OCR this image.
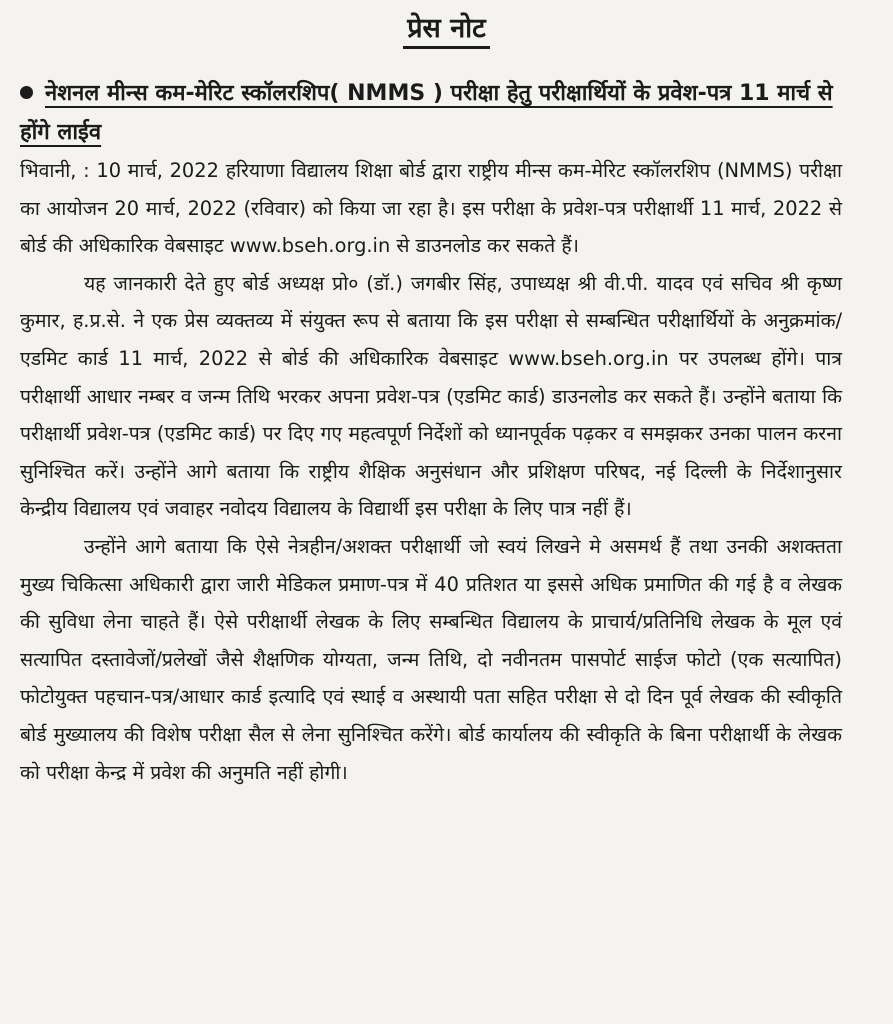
प्रेस नोट
नेशनल मीन्स कम-मेरिट स्कॉलरशिप( NMMS ) परीक्षा हेतु परीक्षार्थियों के प्रवेश-पत्र 11 मार्च से होंगे लाईव

भिवानी, : 10 मार्च, 2022 हरियाणा विद्यालय शिक्षा बोर्ड द्वारा राष्ट्रीय मीन्स कम-मेरिट स्कॉलरशिप (NMMS) परीक्षा का आयोजन 20 मार्च, 2022 (रविवार) को किया जा रहा है। इस परीक्षा के प्रवेश-पत्र परीक्षार्थी 11 मार्च, 2022 से बोर्ड की अधिकारिक वेबसाइट www.bseh.org.in से डाउनलोड कर सकते हैं।

यह जानकारी देते हुए बोर्ड अध्यक्ष प्रो० (डॉ.) जगबीर सिंह, उपाध्यक्ष श्री वी.पी. यादव एवं सचिव श्री कृष्ण कुमार, ह.प्र.से. ने एक प्रेस व्यक्तव्य में संयुक्त रूप से बताया कि इस परीक्षा से सम्बन्धित परीक्षार्थियों के अनुक्रमांक/एडमिट कार्ड 11 मार्च, 2022 से बोर्ड की अधिकारिक वेबसाइट www.bseh.org.in पर उपलब्ध होंगे। पात्र परीक्षार्थी आधार नम्बर व जन्म तिथि भरकर अपना प्रवेश-पत्र (एडमिट कार्ड) डाउनलोड कर सकते हैं। उन्होंने बताया कि परीक्षार्थी प्रवेश-पत्र (एडमिट कार्ड) पर दिए गए महत्वपूर्ण निर्देशों को ध्यानपूर्वक पढ़कर व समझकर उनका पालन करना सुनिश्चित करें। उन्होंने आगे बताया कि राष्ट्रीय शैक्षिक अनुसंधान और प्रशिक्षण परिषद, नई दिल्ली के निर्देशानुसार केन्द्रीय विद्यालय एवं जवाहर नवोदय विद्यालय के विद्यार्थी इस परीक्षा के लिए पात्र नहीं हैं।

उन्होंने आगे बताया कि ऐसे नेत्रहीन/अशक्त परीक्षार्थी जो स्वयं लिखने मे असमर्थ हैं तथा उनकी अशक्तता मुख्य चिकित्सा अधिकारी द्वारा जारी मेडिकल प्रमाण-पत्र में 40 प्रतिशत या इससे अधिक प्रमाणित की गई है व लेखक की सुविधा लेना चाहते हैं। ऐसे परीक्षार्थी लेखक के लिए सम्बन्धित विद्यालय के प्राचार्य/प्रतिनिधि लेखक के मूल एवं सत्यापित दस्तावेजों/प्रलेखों जैसे शैक्षणिक योग्यता, जन्म तिथि, दो नवीनतम पासपोर्ट साईज फोटो (एक सत्यापित) फोटोयुक्त पहचान-पत्र/आधार कार्ड इत्यादि एवं स्थाई व अस्थायी पता सहित परीक्षा से दो दिन पूर्व लेखक की स्वीकृति बोर्ड मुख्यालय की विशेष परीक्षा सैल से लेना सुनिश्चित करेंगे। बोर्ड कार्यालय की स्वीकृति के बिना परीक्षार्थी के लेखक को परीक्षा केन्द्र में प्रवेश की अनुमति नहीं होगी।
